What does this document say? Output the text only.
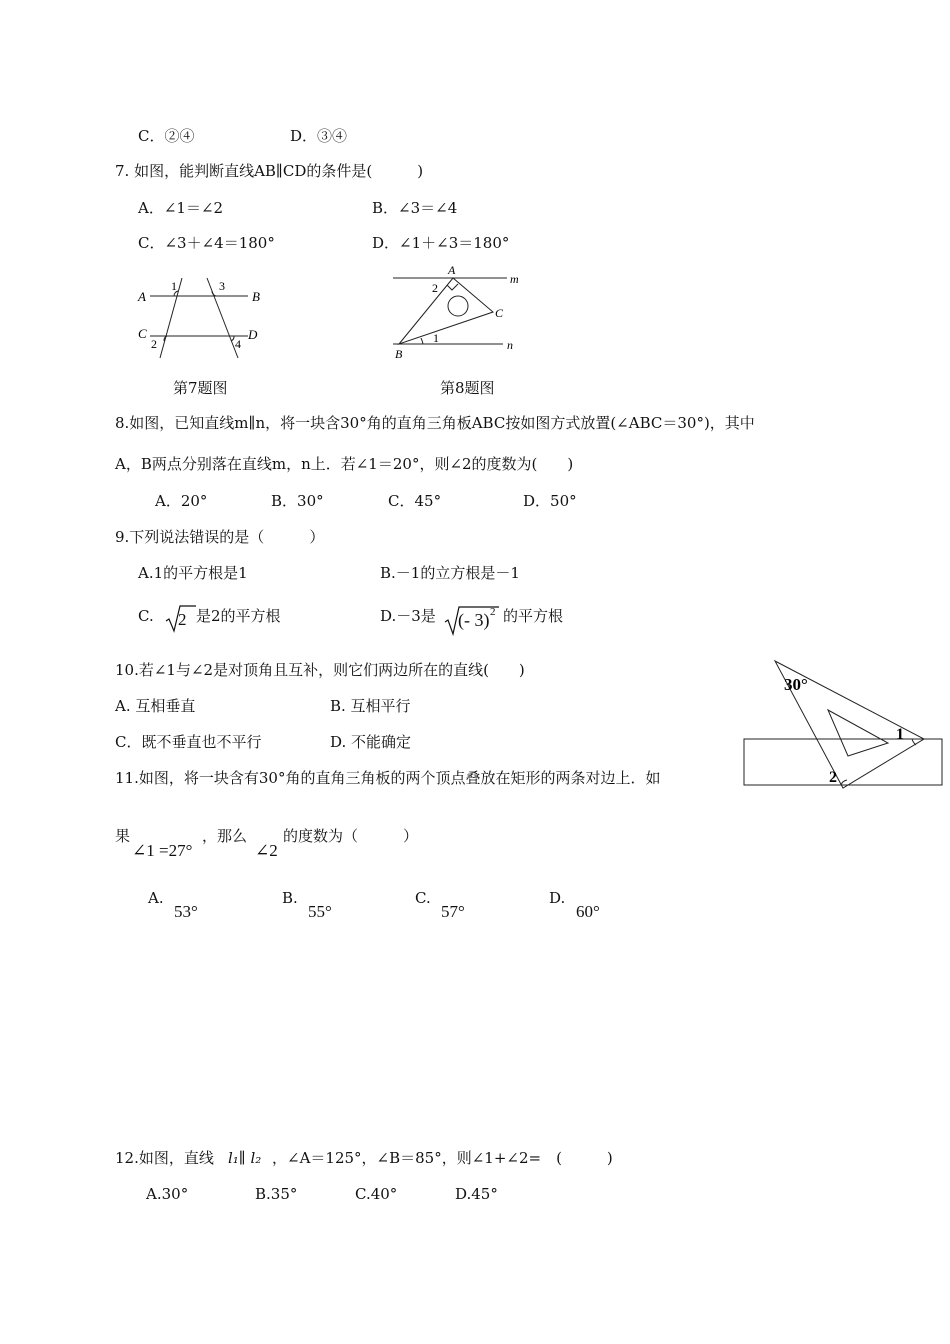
C．②④	D．③④
7. 如图，能判断直线AB∥CD的条件是(　　　)
A．∠1＝∠2	B．∠3＝∠4
C．∠3＋∠4＝180°	D．∠1＋∠3＝180°
A	B
C	D
1	3
2	4
第7题图
A
B
C
m
n
1
2
第8题图
8.如图，已知直线m∥n，将一块含30°角的直角三角板ABC按如图方式放置(∠ABC＝30°)，其中
A，B两点分别落在直线m，n上．若∠1＝20°，则∠2的度数为(　　)
A．20°	B．30°	C．45°	D．50°
9.下列说法错误的是（　　　）
A.1的平方根是1	B.－1的立方根是－1
C. 2 是2的平方根	D.－3是 (- 3) 2 的平方根
10.若∠1与∠2是对顶角且互补，则它们两边所在的直线(　　)
A. 互相垂直	B. 互相平行
C．既不垂直也不平行	D. 不能确定
30°
1
2
11.如图，将一块含有30°角的直角三角板的两个顶点叠放在矩形的两条对边上．如
果
∠1 =27°
，那么
∠2
的度数为（　　　）
A.
53°
B.
55°
C.
57°
D.
60°
12.如图，直线 l₁∥ l₂ ，∠A＝125°，∠B＝85°，则∠1+∠2=　(　　　)
A.30°	B.35°	C.40°	D.45°
